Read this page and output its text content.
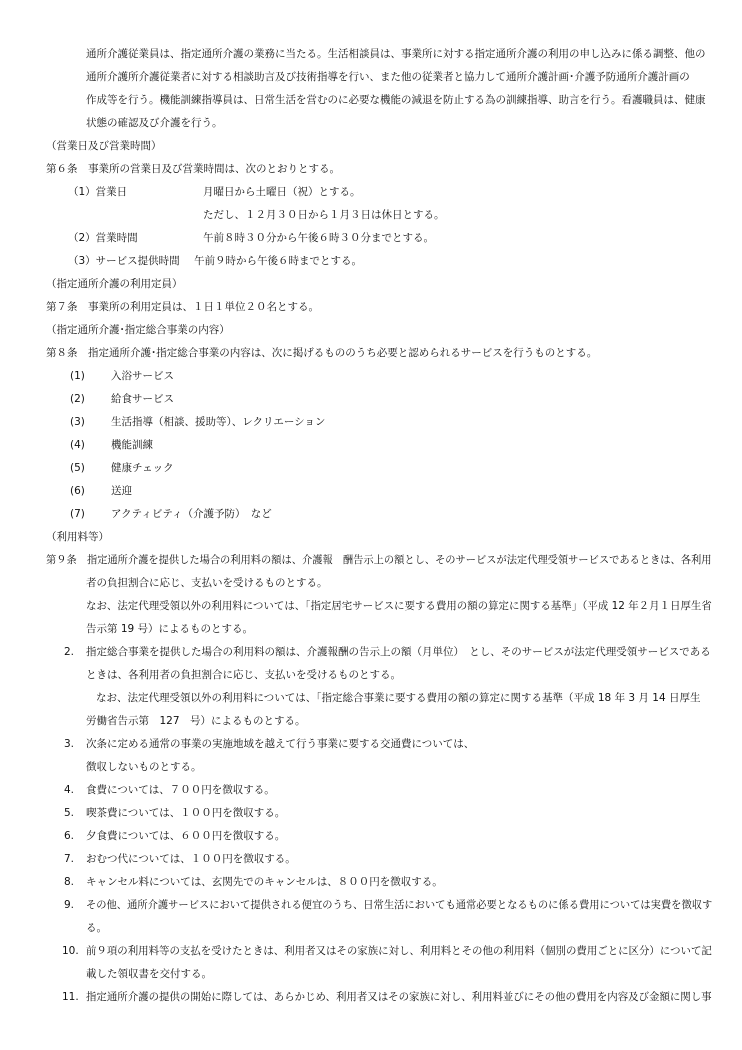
通所介護従業員は、指定通所介護の業務に当たる。生活相談員は、事業所に対する指定通所介護の利用の申し込みに係る調整、他の
通所介護所介護従業者に対する相談助言及び技術指導を行い、また他の従業者と協力して通所介護計画･介護予防通所介護計画の
作成等を行う。機能訓練指導員は、日常生活を営むのに必要な機能の減退を防止する為の訓練指導、助言を行う。看護職員は、健康
状態の確認及び介護を行う。
（営業日及び営業時間）
第６条　事業所の営業日及び営業時間は、次のとおりとする。
（1）営業日	月曜日から土曜日（祝）とする。
ただし、１２月３０日から１月３日は休日とする。
（2）営業時間	午前８時３０分から午後６時３０分までとする。
（3）サービス提供時間 午前９時から午後６時までとする。
（指定通所介護の利用定員）
第７条　事業所の利用定員は、１日１単位２０名とする。
（指定通所介護･指定総合事業の内容）
第８条　指定通所介護･指定総合事業の内容は、次に掲げるもののうち必要と認められるサービスを行うものとする。
(1) 入浴サービス
(2) 給食サービス
(3) 生活指導（相談、援助等）、レクリエーション
(4) 機能訓練
(5) 健康チェック
(6) 送迎
(7) アクティビティ（介護予防）　など
（利用料等）
第９条　指定通所介護を提供した場合の利用料の額は、介護報　酬告示上の額とし、そのサービスが法定代理受領サービスであるときは、各利用
者の負担割合に応じ、支払いを受けるものとする。
なお、法定代理受領以外の利用料については、「指定居宅サービスに要する費用の額の算定に関する基準」（平成 12 年２月１日厚生省
告示第 19 号）によるものとする。
2. 指定総合事業を提供した場合の利用料の額は、介護報酬の告示上の額（月単位）　とし、そのサービスが法定代理受領サービスである
ときは、各利用者の負担割合に応じ、支払いを受けるものとする。
なお、法定代理受領以外の利用料については、｢指定総合事業に要する費用の額の算定に関する基準（平成 18 年 3 月 14 日厚生
労働省告示第　127　号）によるものとする。
3. 次条に定める通常の事業の実施地域を越えて行う事業に要する交通費については、
徴収しないものとする。
4. 食費については、７００円を徴収する。
5. 喫茶費については、１００円を徴収する。
6. 夕食費については、６００円を徴収する。
7. おむつ代については、１００円を徴収する。
8. キャンセル料については、玄関先でのキャンセルは、８００円を徴収する。
9. その他、通所介護サービスにおいて提供される便宜のうち、日常生活においても通常必要となるものに係る費用については実費を徴収す
る。
10. 前９項の利用料等の支払を受けたときは、利用者又はその家族に対し、利用料とその他の利用料（個別の費用ごとに区分）について記
載した領収書を交付する。
11. 指定通所介護の提供の開始に際しては、あらかじめ、利用者又はその家族に対し、利用料並びにその他の費用を内容及び金額に関し事
